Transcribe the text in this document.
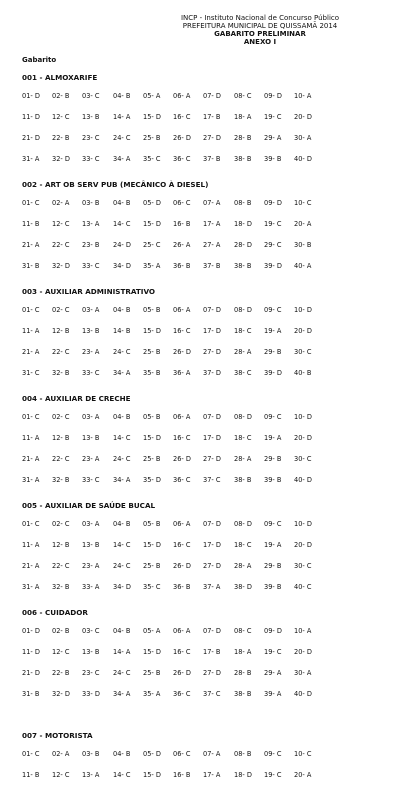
INCP - Instituto Nacional de Concurso Público
PREFEITURA MUNICIPAL DE QUISSAMÃ 2014
GABARITO PRELIMINAR
ANEXO I
Gabarito
001 - ALMOXARIFE
01- D 02- B 03- C 04- B 05- A 06- A 07- D 08- C 09- D 10- A
11- D 12- C 13- B 14- A 15- D 16- C 17- B 18- A 19- C 20- D
21- D 22- B 23- C 24- C 25- B 26- D 27- D 28- B 29- A 30- A
31- A 32- D 33- C 34- A 35- C 36- C 37- B 38- B 39- B 40- D
002 - ART OB SERV PUB (MECÂNICO À DIESEL)
01- C 02- A 03- B 04- B 05- D 06- C 07- A 08- B 09- D 10- C
11- B 12- C 13- A 14- C 15- D 16- B 17- A 18- D 19- C 20- A
21- A 22- C 23- B 24- D 25- C 26- A 27- A 28- D 29- C 30- B
31- B 32- D 33- C 34- D 35- A 36- B 37- B 38- B 39- D 40- A
003 - AUXILIAR ADMINISTRATIVO
01- C 02- C 03- A 04- B 05- B 06- A 07- D 08- D 09- C 10- D
11- A 12- B 13- B 14- B 15- D 16- C 17- D 18- C 19- A 20- D
21- A 22- C 23- A 24- C 25- B 26- D 27- D 28- A 29- B 30- C
31- C 32- B 33- C 34- A 35- B 36- A 37- D 38- C 39- D 40- B
004 - AUXILIAR DE CRECHE
01- C 02- C 03- A 04- B 05- B 06- A 07- D 08- D 09- C 10- D
11- A 12- B 13- B 14- C 15- D 16- C 17- D 18- C 19- A 20- D
21- A 22- C 23- A 24- C 25- B 26- D 27- D 28- A 29- B 30- C
31- A 32- B 33- C 34- A 35- D 36- C 37- C 38- B 39- B 40- D
005 - AUXILIAR DE SAÚDE BUCAL
01- C 02- C 03- A 04- B 05- B 06- A 07- D 08- D 09- C 10- D
11- A 12- B 13- B 14- C 15- D 16- C 17- D 18- C 19- A 20- D
21- A 22- C 23- A 24- C 25- B 26- D 27- D 28- A 29- B 30- C
31- A 32- B 33- A 34- D 35- C 36- B 37- A 38- D 39- B 40- C
006 - CUIDADOR
01- D 02- B 03- C 04- B 05- A 06- A 07- D 08- C 09- D 10- A
11- D 12- C 13- B 14- A 15- D 16- C 17- B 18- A 19- C 20- D
21- D 22- B 23- C 24- C 25- B 26- D 27- D 28- B 29- A 30- A
31- B 32- D 33- D 34- A 35- A 36- C 37- C 38- B 39- A 40- D
007 - MOTORISTA
01- C 02- A 03- B 04- B 05- D 06- C 07- A 08- B 09- C 10- C
11- B 12- C 13- A 14- C 15- D 16- B 17- A 18- D 19- C 20- A
